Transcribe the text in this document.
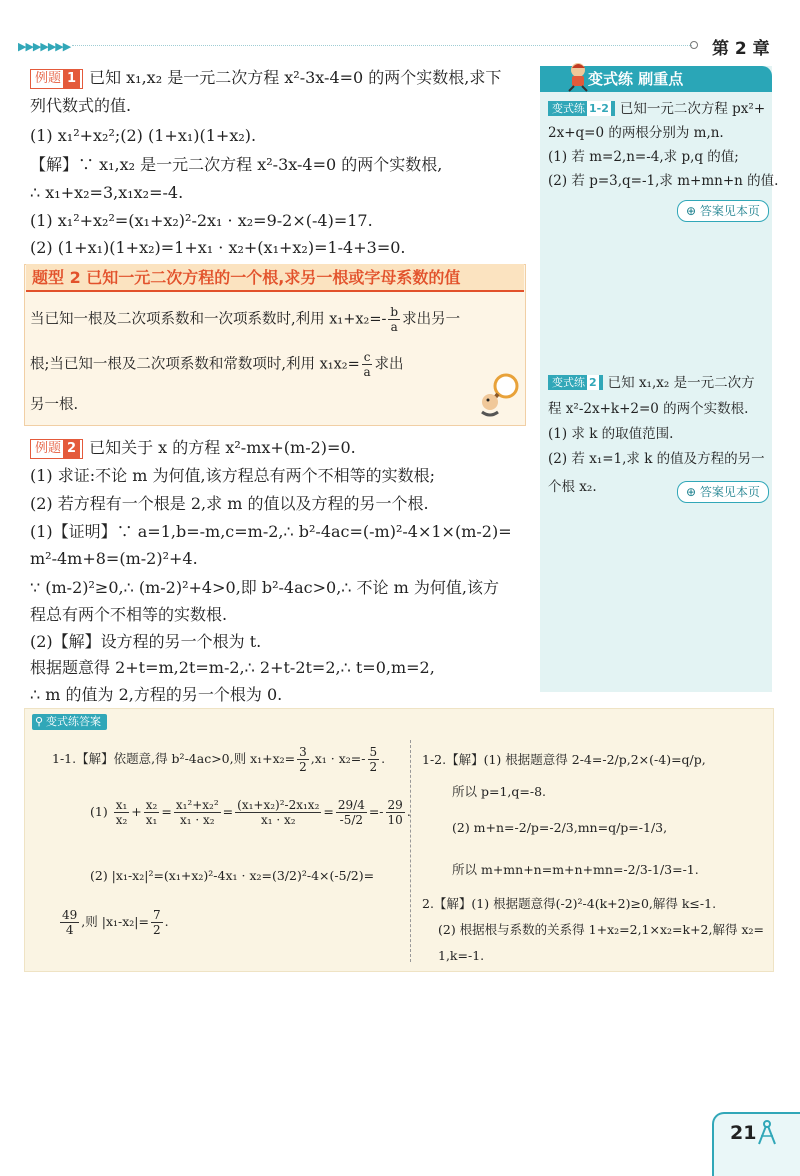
▶▶▶▶▶▶▶	第 2 章
例题 1 已知 x₁,x₂ 是一元二次方程 x²-3x-4=0 的两个实数根,求下
列代数式的值.
(1) x₁²+x₂²;(2) (1+x₁)(1+x₂).
【解】∵ x₁,x₂ 是一元二次方程 x²-3x-4=0 的两个实数根,
∴ x₁+x₂=3,x₁x₂=-4.
(1) x₁²+x₂²=(x₁+x₂)²-2x₁ · x₂=9-2×(-4)=17.
(2) (1+x₁)(1+x₂)=1+x₁ · x₂+(x₁+x₂)=1-4+3=0.
题型 2 已知一元二次方程的一个根,求另一根或字母系数的值
当已知一根及二次项系数和一次项系数时,利用 $x_1+x_2=- \frac{b}{a}$ 求出另一
根;当已知一根及二次项系数和常数项时,利用 $x_1x_2= \frac{c}{a}$ 求出
另一根.
例题 2 已知关于 x 的方程 x²-mx+(m-2)=0.
(1) 求证:不论 m 为何值,该方程总有两个不相等的实数根;
(2) 若方程有一个根是 2,求 m 的值以及方程的另一个根.
(1)【证明】∵ a=1,b=-m,c=m-2,∴ b²-4ac=(-m)²-4×1×(m-2)=
m²-4m+8=(m-2)²+4.
∵ (m-2)²≥0,∴ (m-2)²+4>0,即 b²-4ac>0,∴ 不论 m 为何值,该方
程总有两个不相等的实数根.
(2)【解】设方程的另一个根为 t.
根据题意得 2+t=m,2t=m-2,∴ 2+t-2t=2,∴ t=0,m=2,
∴ m 的值为 2,方程的另一个根为 0.
变式练 刷重点
变式练 1-2 已知一元二次方程 px²+
2x+q=0 的两根分别为 m,n.
(1) 若 m=2,n=-4,求 p,q 的值;
(2) 若 p=3,q=-1,求 m+mn+n 的值.
⊕ 答案见本页
变式练 2 已知 x₁,x₂ 是一元二次方
程 x²-2x+k+2=0 的两个实数根.
(1) 求 k 的取值范围.
(2) 若 x₁=1,求 k 的值及方程的另一
个根 x₂.	⊕ 答案见本页
⚲ 变式练答案
1-1.【解】依题意,得 b²-4ac>0,则 $x_1+x_2= \frac{3}{2} ,x_1 \cdot x_2=- \frac{5}{2}$ .
$(1) \frac{\text{x₁}}{\text{x₂}} + \frac{\text{x₂}}{\text{x₁}} = \frac{\text{x₁²+x₂²}}{\text{x₁ · x₂}} = \frac{\text{(x₁+x₂)²-2x₁x₂}}{\text{x₁ · x₂}} = \frac{29/4}{-5/2} =- \frac{29}{10}$ .
(2) |x₁-x₂|²=(x₁+x₂)²-4x₁ · x₂=(3/2)²-4×(-5/2)=
$\frac{49}{4}$ ,则 $|x_1-x_2|= \frac{7}{2}$ .
1-2.【解】(1) 根据题意得 2-4=-2/p,2×(-4)=q/p,
所以 p=1,q=-8.
(2) m+n=-2/p=-2/3,mn=q/p=-1/3,
所以 m+mn+n=m+n+mn=-2/3-1/3=-1.
2.【解】(1) 根据题意得(-2)²-4(k+2)≥0,解得 k≤-1.
(2) 根据根与系数的关系得 1+x₂=2,1×x₂=k+2,解得 x₂=
1,k=-1.
21
